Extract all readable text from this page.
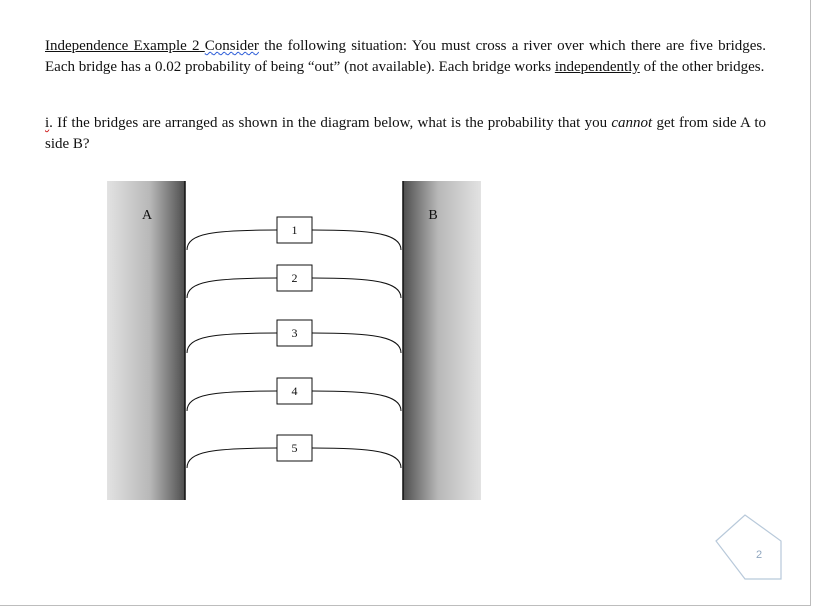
Independence Example 2 Consider the following situation: You must cross a river over which there are five bridges. Each bridge has a 0.02 probability of being “out” (not available). Each bridge works independently of the other bridges.

i. If the bridges are arranged as shown in the diagram below, what is the probability that you cannot get from side A to side B?

A	B
1
2
3
4
5
2
